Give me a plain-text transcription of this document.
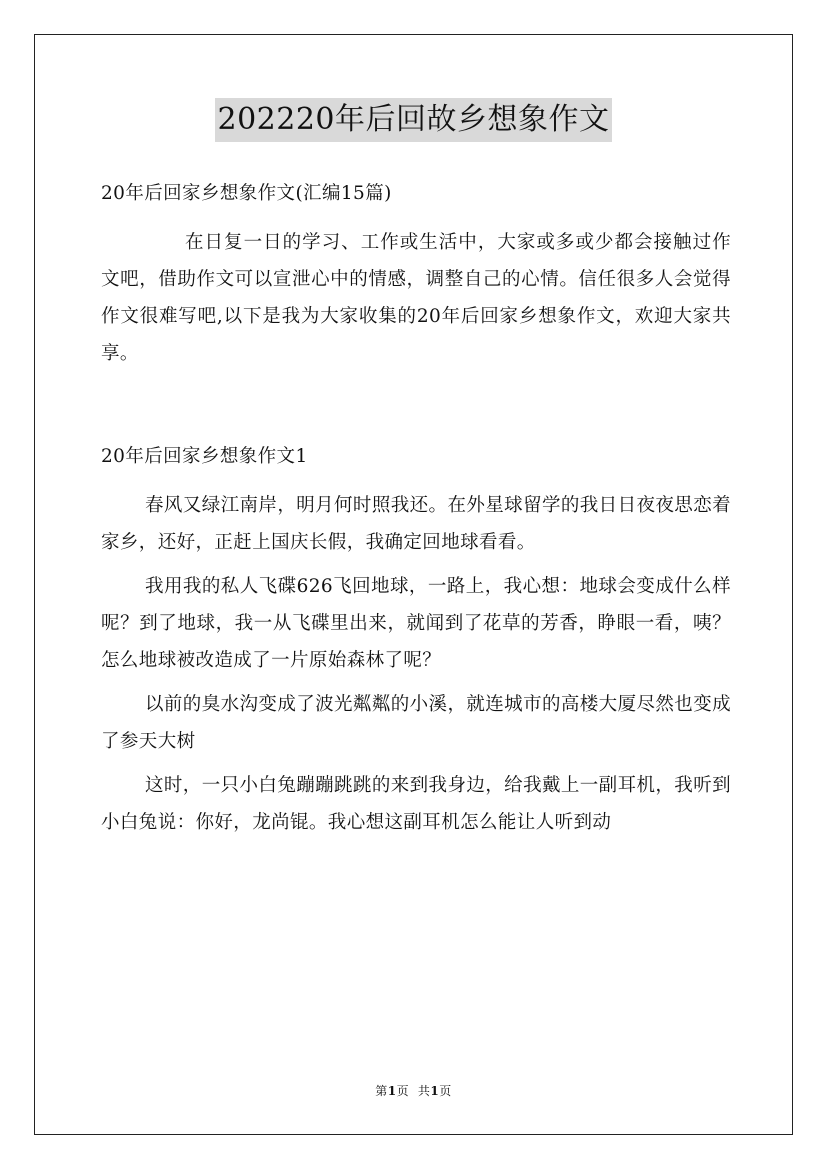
202220年后回故乡想象作文

20年后回家乡想象作文(汇编15篇)

在日复一日的学习、工作或生活中，大家或多或少都会接触过作文吧，借助作文可以宣泄心中的情感，调整自己的心情。信任很多人会觉得作文很难写吧,以下是我为大家收集的20年后回家乡想象作文，欢迎大家共享。

20年后回家乡想象作文1

春风又绿江南岸，明月何时照我还。在外星球留学的我日日夜夜思恋着家乡，还好，正赶上国庆长假，我确定回地球看看。

我用我的私人飞碟626飞回地球，一路上，我心想：地球会变成什么样呢？到了地球，我一从飞碟里出来，就闻到了花草的芳香，睁眼一看，咦？怎么地球被改造成了一片原始森林了呢？

以前的臭水沟变成了波光粼粼的小溪，就连城市的高楼大厦尽然也变成了参天大树

这时，一只小白兔蹦蹦跳跳的来到我身边，给我戴上一副耳机，我听到小白兔说：你好，龙尚锟。我心想这副耳机怎么能让人听到动

第1页 共1页
